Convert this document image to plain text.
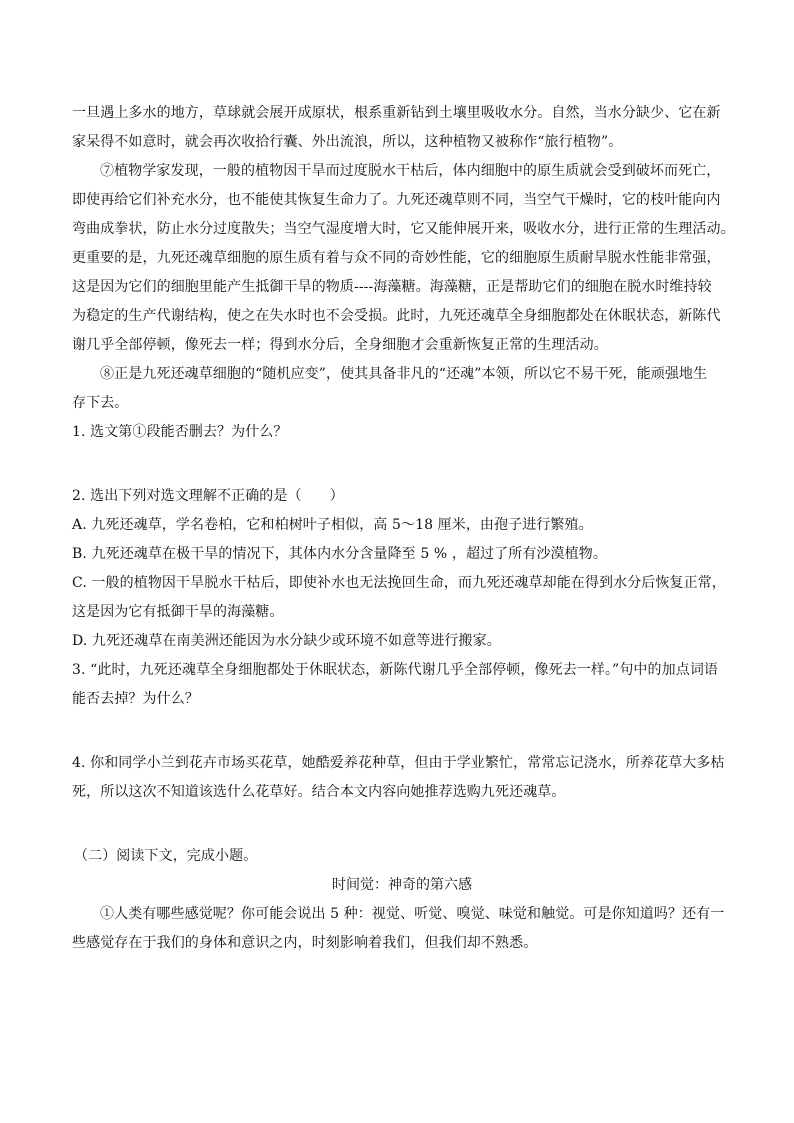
一旦遇上多水的地方，草球就会展开成原状，根系重新钻到土壤里吸收水分。自然，当水分缺少、它在新

家呆得不如意时，就会再次收拾行囊、外出流浪，所以，这种植物又被称作“旅行植物”。

⑦植物学家发现，一般的植物因干旱而过度脱水干枯后，体内细胞中的原生质就会受到破坏而死亡，

即使再给它们补充水分，也不能使其恢复生命力了。九死还魂草则不同，当空气干燥时，它的枝叶能向内

弯曲成拳状，防止水分过度散失；当空气湿度增大时，它又能伸展开来，吸收水分，进行正常的生理活动。

更重要的是，九死还魂草细胞的原生质有着与众不同的奇妙性能，它的细胞原生质耐旱脱水性能非常强，

这是因为它们的细胞里能产生抵御干旱的物质----海藻糖。海藻糖，正是帮助它们的细胞在脱水时维持较

为稳定的生产代谢结构，使之在失水时也不会受损。此时，九死还魂草全身细胞都处在休眠状态，新陈代

谢几乎全部停顿，像死去一样；得到水分后，全身细胞才会重新恢复正常的生理活动。

⑧正是九死还魂草细胞的“随机应变”，使其具备非凡的“还魂”本领，所以它不易干死，能顽强地生

存下去。

1. 选文第①段能否删去？为什么？

2. 选出下列对选文理解不正确的是（　　）

A. 九死还魂草，学名卷柏，它和柏树叶子相似，高 5～18 厘米，由孢子进行繁殖。

B. 九死还魂草在极干旱的情况下，其体内水分含量降至 5 % ，超过了所有沙漠植物。

C. 一般的植物因干旱脱水干枯后，即使补水也无法挽回生命，而九死还魂草却能在得到水分后恢复正常，

这是因为它有抵御干旱的海藻糖。

D. 九死还魂草在南美洲还能因为水分缺少或环境不如意等进行搬家。

3. “此时，九死还魂草全身细胞都处于休眠状态，新陈代谢几乎全部停顿，像死去一样。”句中的加点词语

能否去掉？为什么？

4. 你和同学小兰到花卉市场买花草，她酷爱养花种草，但由于学业繁忙，常常忘记浇水，所养花草大多枯

死，所以这次不知道该选什么花草好。结合本文内容向她推荐选购九死还魂草。

（二）阅读下文，完成小题。

时间觉：神奇的第六感

①人类有哪些感觉呢？你可能会说出 5 种：视觉、听觉、嗅觉、味觉和触觉。可是你知道吗？还有一

些感觉存在于我们的身体和意识之内，时刻影响着我们，但我们却不熟悉。
